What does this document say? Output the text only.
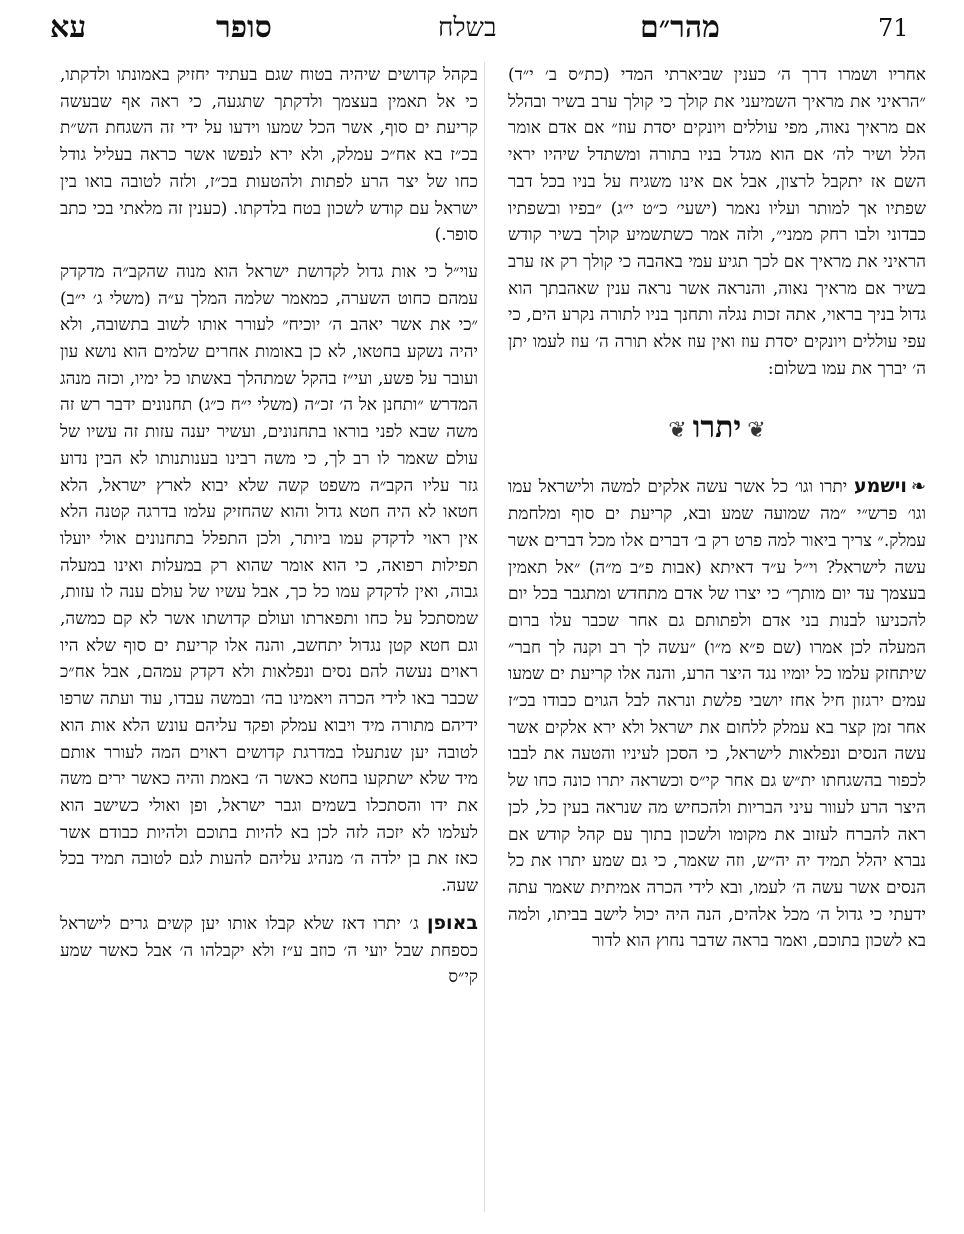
71
מהר״ם
בשלח
סופר
עא

אחריו ושמרו דרך ה׳ כענין שביארתי המדי (כת״ס ב׳ י״ד) ״הראיני את מראיך השמיעני את קולך כי קולך ערב בשיר ובהלל אם מראיך נאוה, מפי עוללים ויונקים יסדת עוז״ אם אדם אומר הלל ושיר לה׳ אם הוא מגדל בניו בתורה ומשתדל שיהיו יראי השם אז יתקבל לרצון, אבל אם אינו משגיח על בניו בכל דבר שפתיו אך למותר ועליו נאמר (ישעי׳ כ״ט י״ג) ״בפיו ובשפתיו כבדוני ולבו רחק ממני״, ולזה אמר כשתשמיע קולך בשיר קודש הראיני את מראיך אם לכך תגיע עמי באהבה כי קולך רק אז ערב בשיר אם מראיך נאוה, והנראה אשר נראה ענין שאהבתך הוא גדול בניך בראוי, אתה זכות נגלה ותחנך בניו לתורה נקרע הים, כי עפי עוללים ויונקים יסדת עוז ואין עוז אלא תורה ה׳ עוז לעמו יתן ה׳ יברך את עמו בשלום:

❦יתרו❦

❧וישמע יתרו וגו׳ כל אשר עשה אלקים למשה ולישראל עמו וגו׳ פרש״י ״מה שמועה שמע ובא, קריעת ים סוף ומלחמת עמלק.״ צריך ביאור למה פרט רק ב׳ דברים אלו מכל דברים אשר עשה לישראל? וי״ל ע״ד דאיתא (אבות פ״ב מ״ה) ״אל תאמין בעצמך עד יום מותך״ כי יצרו של אדם מתחדש ומתגבר בכל יום להכניעו לבנות בני אדם ולפתותם גם אחר שכבר עלו ברום המעלה לכן אמרו (שם פ״א מ״ו) ״עשה לך רב וקנה לך חבר״ שיתחזק עלמו כל יומיו נגד היצר הרע, והנה אלו קריעת ים שמעו עמים ירגזון חיל אחז יושבי פלשת ונראה לבל הגוים כבודו בכ״ז אחר זמן קצר בא עמלק ללחום את ישראל ולא ירא אלקים אשר עשה הנסים ונפלאות לישראל, כי הסכן לעיניו והטעה את לבבו לכפור בהשגחתו ית״ש גם אחר קי״ס וכשראה יתרו כונה כחו של היצר הרע לעוור עיני הבריות ולהכחיש מה שנראה בעין כל, לכן ראה להברח לעזוב את מקומו ולשכון בתוך עם קהל קודש אם נברא יהלל תמיד יה יה״ש, וזה שאמר, כי גם שמע יתרו את כל הנסים אשר עשה ה׳ לעמו, ובא לידי הכרה אמיתית שאמר עתה ידעתי כי גדול ה׳ מכל אלהים, הנה היה יכול לישב בביתו, ולמה בא לשכון בתוכם, ואמר בראה שדבר נחוץ הוא לדור

בקהל קדושים שיהיה בטוח שגם בעתיד יחזיק באמונתו ולדקתו, כי אל תאמין בעצמך ולדקתך שתגעה, כי ראה אף שבעשה קריעת ים סוף, אשר הכל שמעו וידעו על ידי זה השגחת הש״ת בכ״ז בא אח״כ עמלק, ולא ירא לנפשו אשר כראה בעליל גודל כחו של יצר הרע לפתות ולהטעות בכ״ז, ולזה לטובה בואו בין ישראל עם קודש לשכון בטח בלדקתו. (כענין זה מלאתי בכי כתב סופר.)

עוי״ל כי אות גדול לקדושת ישראל הוא מנוה שהקב״ה מדקדק עמהם כחוט השערה, כמאמר שלמה המלך ע״ה (משלי ג׳ י״ב) ״כי את אשר יאהב ה׳ יוכיח״ לעורר אותו לשוב בתשובה, ולא יהיה נשקע בחטאו, לא כן באומות אחרים שלמים הוא נושא עון ועובר על פשע, ועי״ז בהקל שמתהלך באשתו כל ימיו, וכזה מנהג המדרש ״ותחנן אל ה׳ זכ״ה (משלי י״ח כ״ג) תחנונים ידבר רש זה משה שבא לפני בוראו בתחנונים, ועשיר יענה עזות זה עשיו של עולם שאמר לו רב לך, כי משה רבינו בענותנותו לא הבין נדוע גזר עליו הקב״ה משפט קשה שלא יבוא לארץ ישראל, הלא חטאו לא היה חטא גדול והוא שהחזיק עלמו בדרגה קטנה הלא אין ראוי לדקדק עמו ביותר, ולכן התפלל בתחנונים אולי יועלו תפילות רפואה, כי הוא אומר שהוא רק במעלות ואינו במעלה גבוה, ואין לדקדק עמו כל כך, אבל עשיו של עולם ענה לו עזות, שמסתכל על כחו ותפארתו ועולם קדושתו אשר לא קם כמשה, וגם חטא קטן נגדול יתחשב, והנה אלו קריעת ים סוף שלא היו ראוים נעשה להם נסים ונפלאות ולא דקדק עמהם, אבל אח״כ שכבר באו לידי הכרה ויאמינו בה׳ ובמשה עבדו, עוד ועתה שרפו ידיהם מתורה מיד ויבוא עמלק ופקד עליהם עונש הלא אות הוא לטובה יען שנתעלו במדרגת קדושים ראוים המה לעורר אותם מיד שלא ישתקעו בחטא כאשר ה׳ באמת והיה כאשר ירים משה את ידו והסתכלו בשמים וגבר ישראל, ופן ואולי כשישב הוא לעלמו לא יזכה לזה לכן בא להיות בתוכם ולהיות כבודם אשר כאז את בן ילדה ה׳ מנהיג עליהם להעות לגם לטובה תמיד בכל שעה.

באופן ג׳ יתרו דאז שלא קבלו אותו יען קשים גרים לישראל כספחת שבל יועי ה׳ כוזב ע״ז ולא יקבלהו ה׳ אבל כאשר שמע קי״ס
